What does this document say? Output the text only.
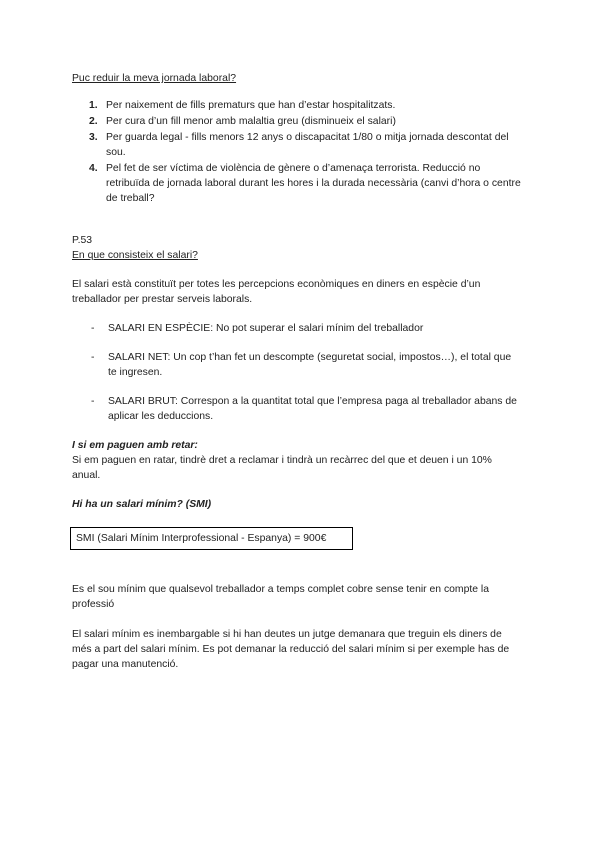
Puc reduir la meva jornada laboral?
1. Per naixement de fills prematurs que han d’estar hospitalitzats.
2. Per cura d’un fill menor amb malaltia greu (disminueix el salari)
3. Per guarda legal - fills menors 12 anys o discapacitat 1/80 o mitja jornada descontat del sou.
4. Pel fet de ser víctima de violència de gènere o d’amenaça terrorista. Reducció no retribuïda de jornada laboral durant les hores i la durada necessària (canvi d’hora o centre de treball?
P.53
En que consisteix el salari?
El salari està constituït per totes les percepcions econòmiques en diners en espècie d’un treballador per prestar serveis laborals.
- SALARI EN ESPÈCIE: No pot superar el salari mínim del treballador
- SALARI NET: Un cop t’han fet un descompte (seguretat social, impostos…), el total que te ingresen.
- SALARI BRUT: Correspon a la quantitat total que l’empresa paga al treballador abans de aplicar les deduccions.
I si em paguen amb retar:
Si em paguen en ratar, tindrè dret a reclamar i tindrà un recàrrec del que et deuen i un 10% anual.
Hi ha un salari mínim? (SMI)
SMI (Salari Mínim Interprofessional - Espanya) = 900€
Es el sou mínim que qualsevol treballador a temps complet cobre sense tenir en compte la professió
El salari mínim es inembargable si hi han deutes un jutge demanara que treguin els diners de més a part del salari mínim. Es pot demanar la reducció del salari mínim si per exemple has de pagar una manutenció.
